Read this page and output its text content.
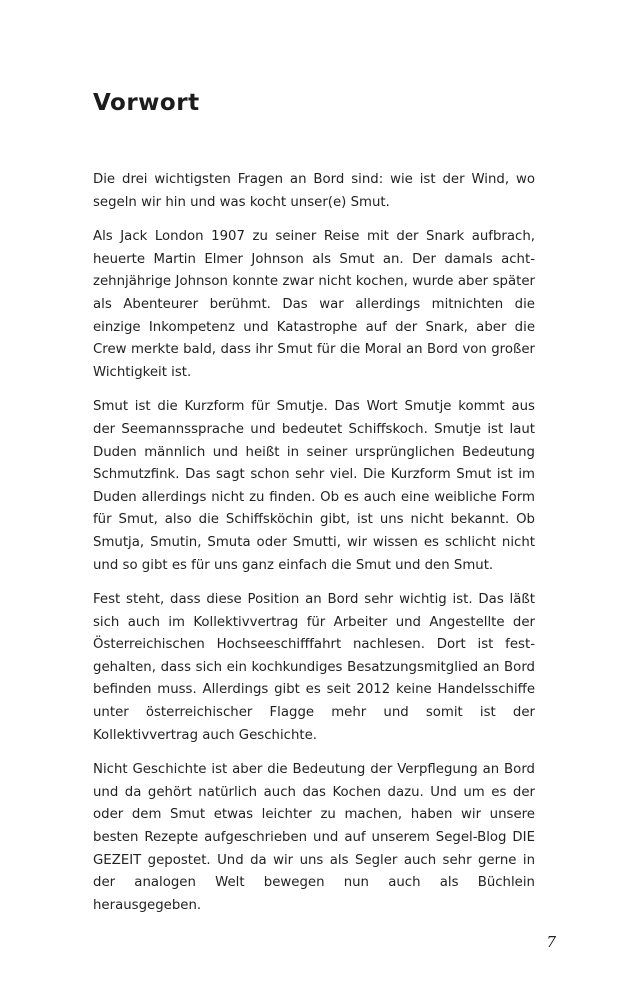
Vorwort

Die drei wichtigsten Fragen an Bord sind: wie ist der Wind, wo segeln wir hin und was kocht unser(e) Smut.

Als Jack London 1907 zu seiner Reise mit der Snark aufbrach, heuerte Martin Elmer Johnson als Smut an. Der damals achtzehnjährige Johnson konnte zwar nicht kochen, wurde aber später als Abenteurer berühmt. Das war allerdings mitnichten die einzige Inkompetenz und Katastrophe auf der Snark, aber die Crew merkte bald, dass ihr Smut für die Moral an Bord von großer Wichtigkeit ist.

Smut ist die Kurzform für Smutje. Das Wort Smutje kommt aus der Seemannssprache und bedeutet Schiffskoch. Smutje ist laut Duden männlich und heißt in seiner ursprünglichen Bedeutung Schmutzfink. Das sagt schon sehr viel. Die Kurzform Smut ist im Duden allerdings nicht zu finden. Ob es auch eine weibliche Form für Smut, also die Schiffsköchin gibt, ist uns nicht bekannt. Ob Smutja, Smutin, Smuta oder Smutti, wir wissen es schlicht nicht und so gibt es für uns ganz einfach die Smut und den Smut.

Fest steht, dass diese Position an Bord sehr wichtig ist. Das läßt sich auch im Kollektivvertrag für Arbeiter und Angestellte der Österreichischen Hochseeschifffahrt nachlesen. Dort ist festgehalten, dass sich ein kochkundiges Besatzungsmitglied an Bord befinden muss. Allerdings gibt es seit 2012 keine Handelsschiffe unter österreichischer Flagge mehr und somit ist der Kollektivvertrag auch Geschichte.

Nicht Geschichte ist aber die Bedeutung der Verpflegung an Bord und da gehört natürlich auch das Kochen dazu. Und um es der oder dem Smut etwas leichter zu machen, haben wir unsere besten Rezepte aufgeschrieben und auf unserem Segel-Blog DIE GEZEIT gepostet. Und da wir uns als Segler auch sehr gerne in der analogen Welt bewegen nun auch als Büchlein herausgegeben.

7
